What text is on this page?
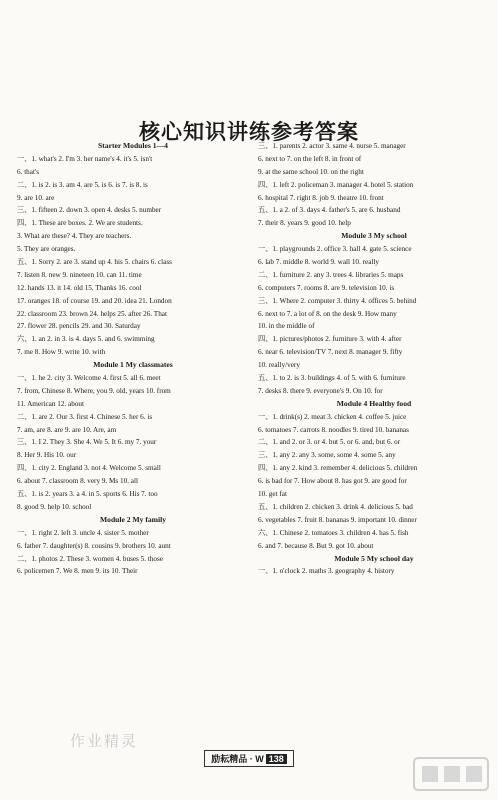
核心知识讲练参考答案
Starter Modules 1—4
一、1. what's 2. I'm 3. her name's 4. it's 5. isn't
6. that's
二、1. is 2. is 3. am 4. are 5. is 6. is 7. is 8. is
9. are 10. are
三、1. fifteen 2. down 3. open 4. desks 5. number
四、1. These are boxes. 2. We are students.
3. What are these? 4. They are teachers.
5. They are oranges.
五、1. Sorry 2. are 3. stand up 4. his 5. chairs 6. class
7. listen 8. new 9. nineteen 10. can 11. time
12. hands 13. it 14. old 15. Thanks 16. cool
17. oranges 18. of course 19. and 20. idea 21. London
22. classroom 23. brown 24. helps 25. after 26. That
27. flower 28. pencils 29. and 30. Saturday
六、1. an 2. in 3. is 4. days 5. and 6. swimming
7. me 8. How 9. write 10. with
Module 1 My classmates
一、1. he 2. city 3. Welcome 4. first 5. all 6. meet
7. from, Chinese 8. Where, you 9. old, years 10. from
11. American 12. about
二、1. are 2. Our 3. first 4. Chinese 5. her 6. is
7. am, are 8. are 9. are 10. Are, am
三、1. I 2. They 3. She 4. We 5. It 6. my 7. your
8. Her 9. His 10. our
四、1. city 2. England 3. not 4. Welcome 5. small
6. about 7. classroom 8. very 9. Ms 10. all
五、1. is 2. years 3. a 4. in 5. sports 6. His 7. too
8. good 9. help 10. school
Module 2 My family
一、1. right 2. left 3. uncle 4. sister 5. mother
6. father 7. daughter(s) 8. cousins 9. brothers 10. aunt
二、1. photos 2. These 3. women 4. buses 5. those
6. policemen 7. We 8. men 9. its 10. Their
三、1. parents 2. actor 3. same 4. nurse 5. manager
6. next to 7. on the left 8. in front of
9. at the same school 10. on the right
四、1. left 2. policeman 3. manager 4. hotel 5. station
6. hospital 7. right 8. job 9. theatre 10. front
五、1. a 2. of 3. days 4. father's 5. are 6. husband
7. their 8. years 9. good 10. help
Module 3 My school
一、1. playgrounds 2. office 3. hall 4. gate 5. science
6. lab 7. middle 8. world 9. wall 10. really
二、1. furniture 2. any 3. trees 4. libraries 5. maps
6. computers 7. rooms 8. are 9. television 10. is
三、1. Where 2. computer 3. thirty 4. offices 5. behind
6. next to 7. a lot of 8. on the desk 9. How many
10. in the middle of
四、1. pictures/photos 2. furniture 3. with 4. after
6. near 6. television/TV 7. next 8. manager 9. fifty
10. really/very
五、1. to 2. is 3. buildings 4. of 5. with 6. furniture
7. desks 8. there 9. everyone's 9. On 10. for
Module 4 Healthy food
一、1. drink(s) 2. meat 3. chicken 4. coffee 5. juice
6. tomatoes 7. carrots 8. noodles 9. tired 10. bananas
二、1. and 2. or 3. or 4. but 5. or 6. and, but 6. or
三、1. any 2. any 3. some, some 4. some 5. any
四、1. any 2. kind 3. remember 4. delicious 5. children
6. is bad for 7. How about 8. has got 9. are good for
10. get fat
五、1. children 2. chicken 3. drink 4. delicious 5. bad
6. vegetables 7. fruit 8. bananas 9. important 10. dinner
六、1. Chinese 2. tomatoes 3. children 4. has 5. fish
6. and 7. because 8. But 9. got 10. about
Module 5 My school day
一、1. o'clock 2. maths 3. geography 4. history
作业精灵
励耘精品 · W 138
